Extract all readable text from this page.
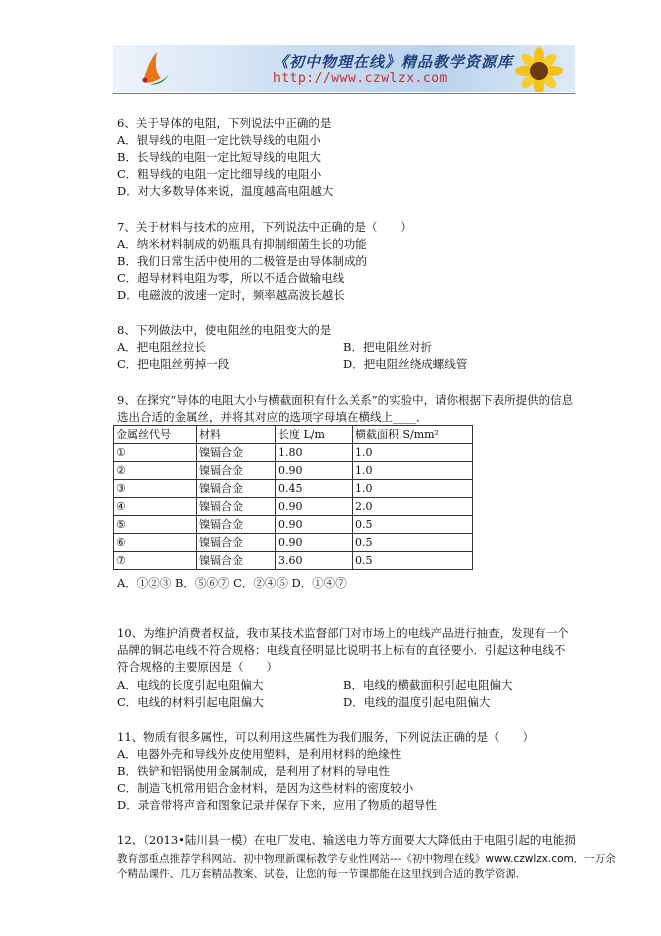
《初中物理在线》精品教学资源库
http://www.czwlzx.com
6、关于导体的电阻，下列说法中正确的是
A．银导线的电阻一定比铁导线的电阻小
B．长导线的电阻一定比短导线的电阻大
C．粗导线的电阻一定比细导线的电阻小
D．对大多数导体来说，温度越高电阻越大
7、关于材料与技术的应用，下列说法中正确的是（　　）
A．纳米材料制成的奶瓶具有抑制细菌生长的功能
B．我们日常生活中使用的二极管是由导体制成的
C．超导材料电阻为零，所以不适合做输电线
D．电磁波的波速一定时，频率越高波长越长
8、下列做法中，使电阻丝的电阻变大的是
A．把电阻丝拉长	B．把电阻丝对折
C．把电阻丝剪掉一段	D．把电阻丝绕成螺线管
9、在探究“导体的电阻大小与横截面积有什么关系”的实验中，请你根据下表所提供的信息
选出合适的金属丝，并将其对应的选项字母填在横线上____．
金属丝代号	材料	长度 L/m	横截面积 S/mm²
①	镍镉合金	1.80	1.0
②	镍镉合金	0.90	1.0
③	镍镉合金	0.45	1.0
④	镍镉合金	0.90	2.0
⑤	镍镉合金	0.90	0.5
⑥	镍镉合金	0.90	0.5
⑦	镍镉合金	3.60	0.5
A．①②③ B．⑤⑥⑦ C．②④⑤ D．①④⑦
10、为维护消费者权益，我市某技术监督部门对市场上的电线产品进行抽查，发现有一个
品牌的铜芯电线不符合规格：电线直径明显比说明书上标有的直径要小．引起这种电线不
符合规格的主要原因是（　　）
A．电线的长度引起电阻偏大	B．电线的横截面积引起电阻偏大
C．电线的材料引起电阻偏大	D．电线的温度引起电阻偏大
11、物质有很多属性，可以利用这些属性为我们服务，下列说法正确的是（　　）
A．电器外壳和导线外皮使用塑料，是利用材料的绝缘性
B．铁铲和铝锅使用金属制成，是利用了材料的导电性
C．制造飞机常用铝合金材料，是因为这些材料的密度较小
D．录音带将声音和图象记录并保存下来，应用了物质的超导性
12、（2013•陆川县一模）在电厂发电、输送电力等方面要大大降低由于电阻引起的电能损
教育部重点推荐学科网站、初中物理新课标教学专业性网站---《初中物理在线》www.czwlzx.com．一万余
个精品课件、几万套精品教案、试卷，让您的每一节课都能在这里找到合适的教学资源．
